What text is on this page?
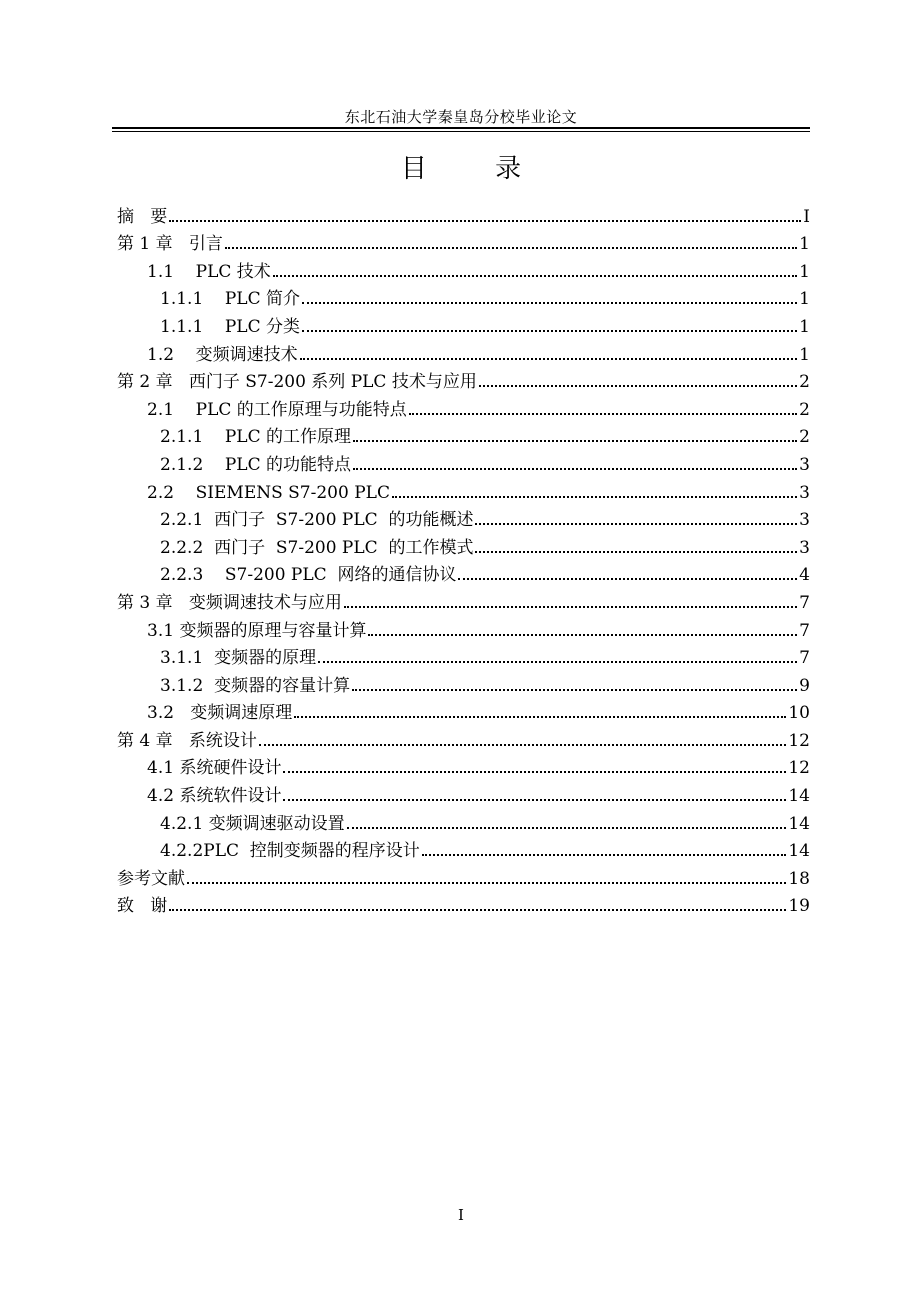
东北石油大学秦皇岛分校毕业论文
目 录
摘   要	I
第 1 章   引言	1
1.1    PLC 技术	1
1.1.1    PLC 简介	1
1.1.1    PLC 分类	1
1.2    变频调速技术	1
第 2 章   西门子 S7-200 系列 PLC 技术与应用	2
2.1    PLC 的工作原理与功能特点	2
2.1.1    PLC 的工作原理	2
2.1.2    PLC 的功能特点	3
2.2    SIEMENS S7-200 PLC	3
2.2.1  西门子  S7-200 PLC  的功能概述	3
2.2.2  西门子  S7-200 PLC  的工作模式	3
2.2.3    S7-200 PLC  网络的通信协议	4
第 3 章   变频调速技术与应用	7
3.1 变频器的原理与容量计算	7
3.1.1  变频器的原理	7
3.1.2  变频器的容量计算	9
3.2   变频调速原理	10
第 4 章   系统设计	12
4.1 系统硬件设计	12
4.2 系统软件设计	14
4.2.1 变频调速驱动设置	14
4.2.2PLC  控制变频器的程序设计	14
参考文献	18
致   谢	19
I
